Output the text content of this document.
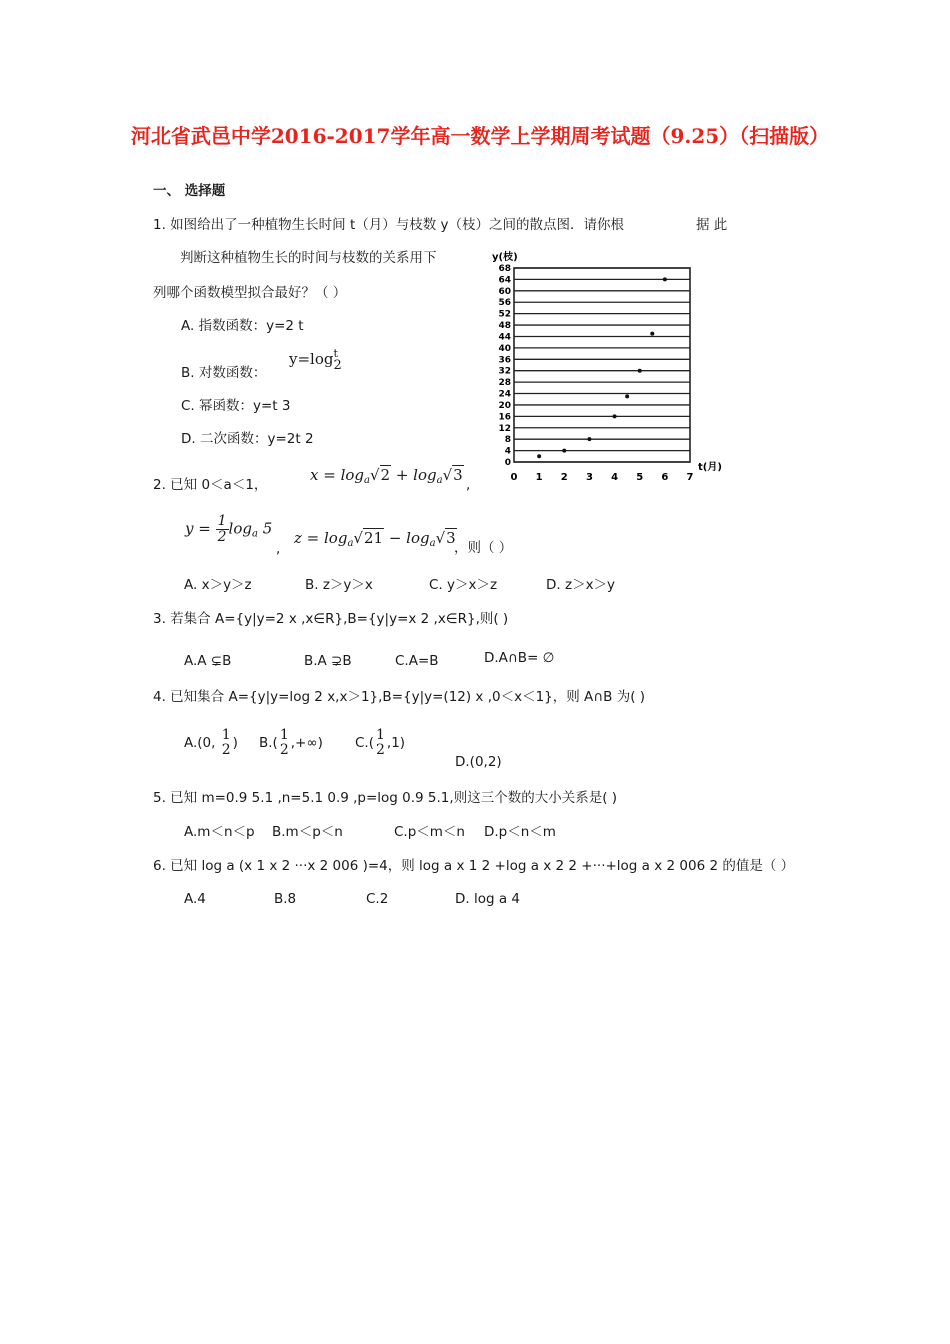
河北省武邑中学2016-2017学年高一数学上学期周考试题（9.25）（扫描版）
一、 选择题
1. 如图给出了一种植物生长时间 t（月）与枝数 y（枝）之间的散点图．请你根	据 此
判断这种植物生长的时间与枝数的关系用下
列哪个函数模型拟合最好？（ ）
A. 指数函数：y=2 t
B. 对数函数：
y=log t
2
C. 幂函数：y=t 3
D. 二次函数：y=2t 2
y(枝)
t(月)
0
4
8
12
16
20
24
28
32
36
40
44
48
52
56
60
64
68
0 1 2 3 4 5 6 7
2. 已知 0＜a＜1，
$x = \log_a√2 + \log_a√3$
,
$y = \frac{1}{2} \log_a 5$
,
$z = \log_a√21 - \log_a√3$
，则（ ）
A. x＞y＞z	B. z＞y＞x	C. y＞x＞z	D. z＞x＞y
3. 若集合 A={y|y=2 x ,x∈R},B={y|y=x 2 ,x∈R},则( )
A.A ⊊B	B.A ⊋B	C.A=B	D.A∩B= ∅
4. 已知集合 A={y|y=log 2 x,x＞1},B={y|y=(12) x ,0＜x＜1}，则 A∩B 为( )
A.(0, 1
2 ) B.( 1
2 ,+∞) C.( 1
2 ,1)
D.(0,2)
5. 已知 m=0.9 5.1 ,n=5.1 0.9 ,p=log 0.9 5.1,则这三个数的大小关系是( )
A.m＜n＜p B.m＜p＜n	C.p＜m＜n D.p＜n＜m
6. 已知 log a (x 1 x 2 ···x 2 006 )=4，则 log a x 1 2 +log a x 2 2 +···+log a x 2 006 2 的值是（ ）
A.4	B.8	C.2	D. log a 4
